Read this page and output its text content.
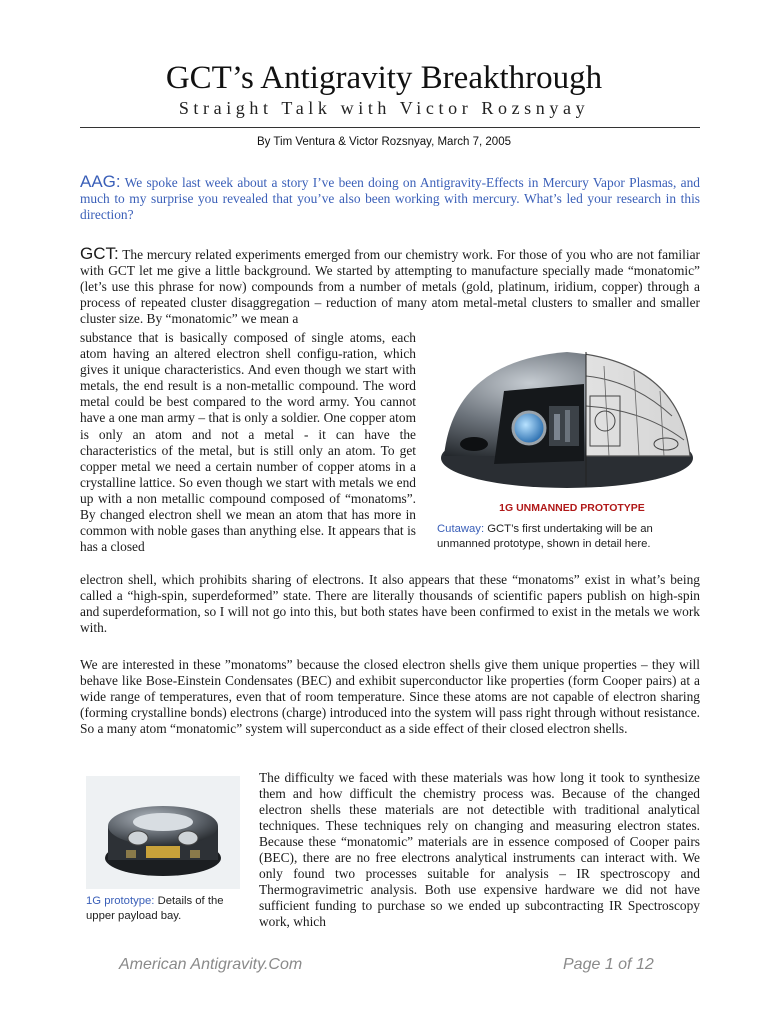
GCT’s Antigravity Breakthrough
Straight Talk with Victor Rozsnyay
By Tim Ventura & Victor Rozsnyay, March 7, 2005

AAG: We spoke last week about a story I’ve been doing on Antigravity-Effects in Mercury Vapor Plasmas, and much to my surprise you revealed that you’ve also been working with mercury. What’s led your research in this direction?

GCT: The mercury related experiments emerged from our chemistry work. For those of you who are not familiar with GCT let me give a little background. We started by attempting to manufacture specially made “monatomic” (let’s use this phrase for now) compounds from a number of metals (gold, platinum, iridium, copper) through a process of repeated cluster disaggregation – reduction of many atom metal-metal clusters to smaller and smaller cluster size. By “monatomic” we mean a

substance that is basically composed of single atoms, each atom having an altered electron shell configu-ration, which gives it unique characteristics. And even though we start with metals, the end result is a non-metallic compound. The word metal could be best compared to the word army. You cannot have a one man army – that is only a soldier. One copper atom is only an atom and not a metal - it can have the characteristics of the metal, but is still only an atom. To get copper metal we need a certain number of copper atoms in a crystalline lattice. So even though we start with metals we end up with a non metallic compound composed of “monatoms”. By changed electron shell we mean an atom that has more in common with noble gases than anything else. It appears that is has a closed

1G UNMANNED PROTOTYPE
Cutaway: GCT’s first undertaking will be an unmanned prototype, shown in detail here.

electron shell, which prohibits sharing of electrons. It also appears that these “monatoms” exist in what’s being called a “high-spin, superdeformed” state. There are literally thousands of scientific papers publish on high-spin and superdeformation, so I will not go into this, but both states have been confirmed to exist in the metals we work with.

We are interested in these ”monatoms” because the closed electron shells give them unique properties – they will behave like Bose-Einstein Condensates (BEC) and exhibit superconductor like properties (form Cooper pairs) at a wide range of temperatures, even that of room temperature. Since these atoms are not capable of electron sharing (forming crystalline bonds) electrons (charge) introduced into the system will pass right through without resistance. So a many atom “monatomic” system will superconduct as a side effect of their closed electron shells.

1G prototype: Details of the upper payload bay.

The difficulty we faced with these materials was how long it took to synthesize them and how difficult the chemistry process was. Because of the changed electron shells these materials are not detectible with traditional analytical techniques. These techniques rely on changing and measuring electron states. Because these “monatomic” materials are in essence composed of Cooper pairs (BEC), there are no free electrons analytical instruments can interact with. We only found two processes suitable for analysis – IR spectroscopy and Thermogravimetric analysis. Both use expensive hardware we did not have sufficient funding to purchase so we ended up subcontracting IR Spectroscopy work, which

American Antigravity.Com	Page 1 of 12
